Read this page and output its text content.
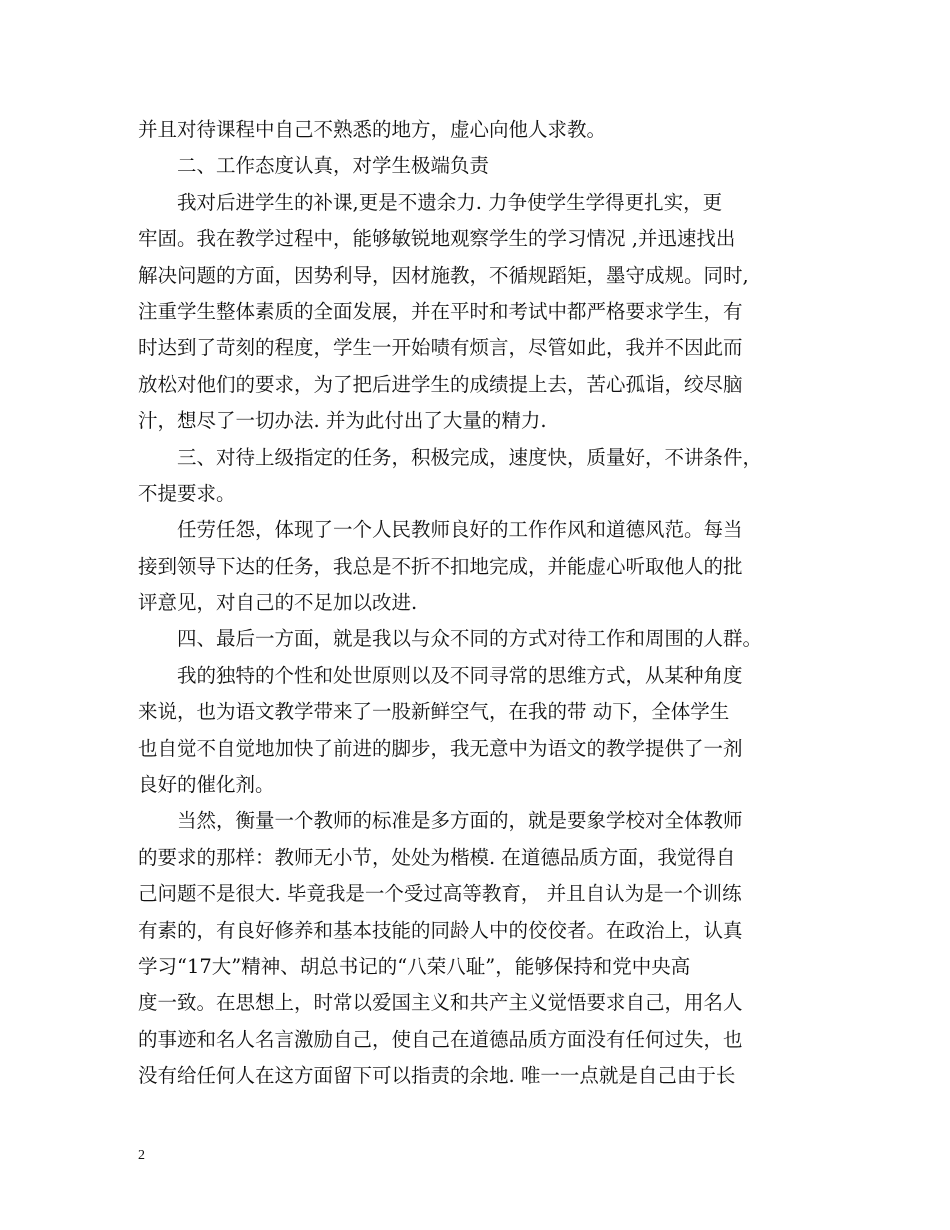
并且对待课程中自己不熟悉的地方，虚心向他人求教。
二、工作态度认真，对学生极端负责
我对后进学生的补课,更是不遗余力. 力争使学生学得更扎实，更
牢固。我在教学过程中，能够敏锐地观察学生的学习情况 ,并迅速找出
解决问题的方面，因势利导，因材施教，不循规蹈矩，墨守成规。同时,
注重学生整体素质的全面发展，并在平时和考试中都严格要求学生，有
时达到了苛刻的程度，学生一开始啧有烦言，尽管如此，我并不因此而
放松对他们的要求，为了把后进学生的成绩提上去，苦心孤诣，绞尽脑
汁，想尽了一切办法. 并为此付出了大量的精力.
三、对待上级指定的任务，积极完成，速度快，质量好，不讲条件，
不提要求。
任劳任怨，体现了一个人民教师良好的工作作风和道德风范。每当
接到领导下达的任务，我总是不折不扣地完成，并能虚心听取他人的批
评意见，对自己的不足加以改进.
四、最后一方面，就是我以与众不同的方式对待工作和周围的人群。
我的独特的个性和处世原则以及不同寻常的思维方式，从某种角度
来说，也为语文教学带来了一股新鲜空气，在我的带 动下，全体学生
也自觉不自觉地加快了前进的脚步，我无意中为语文的教学提供了一剂
良好的催化剂。
当然，衡量一个教师的标准是多方面的，就是要象学校对全体教师
的要求的那样：教师无小节，处处为楷模. 在道德品质方面，我觉得自
己问题不是很大. 毕竟我是一个受过高等教育， 并且自认为是一个训练
有素的，有良好修养和基本技能的同龄人中的佼佼者。在政治上，认真
学习“17大”精神、胡总书记的“八荣八耻”，能够保持和党中央高
度一致。在思想上，时常以爱国主义和共产主义觉悟要求自己，用名人
的事迹和名人名言激励自己，使自己在道德品质方面没有任何过失，也
没有给任何人在这方面留下可以指责的余地. 唯一一点就是自己由于长
2
